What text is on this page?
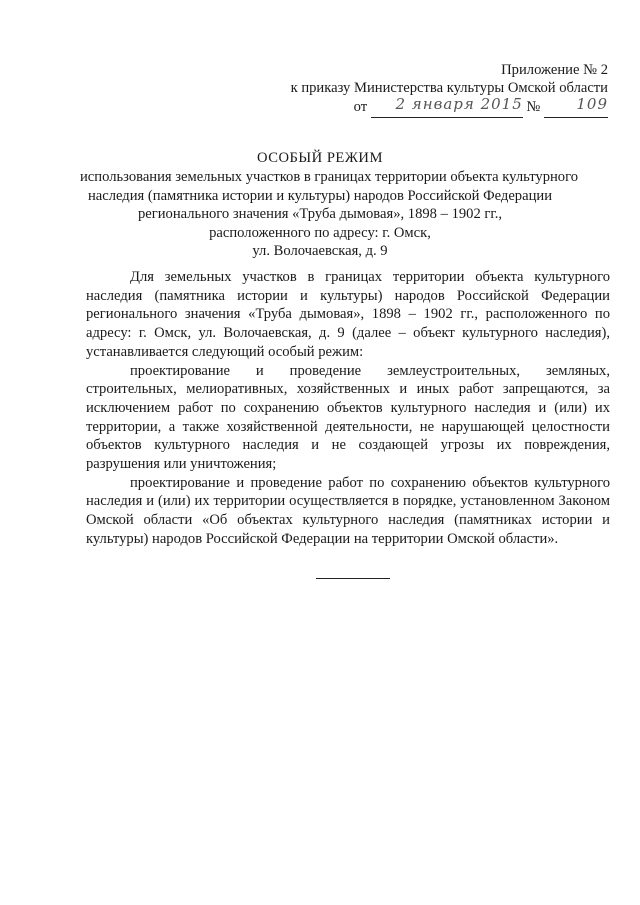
Приложение № 2
к приказу Министерства культуры Омской области
от 2 января 2015 № 109
ОСОБЫЙ РЕЖИМ
использования земельных участков в границах территории объекта культурного
наследия (памятника истории и культуры) народов Российской Федерации
регионального значения «Труба дымовая», 1898 – 1902 гг.,
расположенного по адресу: г. Омск,
ул. Волочаевская, д. 9

Для земельных участков в границах территории объекта культурного наследия (памятника истории и культуры) народов Российской Федерации регионального значения «Труба дымовая», 1898 – 1902 гг., расположенного по адресу: г. Омск, ул. Волочаевская, д. 9 (далее – объект культурного наследия), устанавливается следующий особый режим:

проектирование и проведение землеустроительных, земляных, строительных, мелиоративных, хозяйственных и иных работ запрещаются, за исключением работ по сохранению объектов культурного наследия и (или) их территории, а также хозяйственной деятельности, не нарушающей целостности объектов культурного наследия и не создающей угрозы их повреждения, разрушения или уничтожения;

проектирование и проведение работ по сохранению объектов культурного наследия и (или) их территории осуществляется в порядке, установленном Законом Омской области «Об объектах культурного наследия (памятниках истории и культуры) народов Российской Федерации на территории Омской области».
